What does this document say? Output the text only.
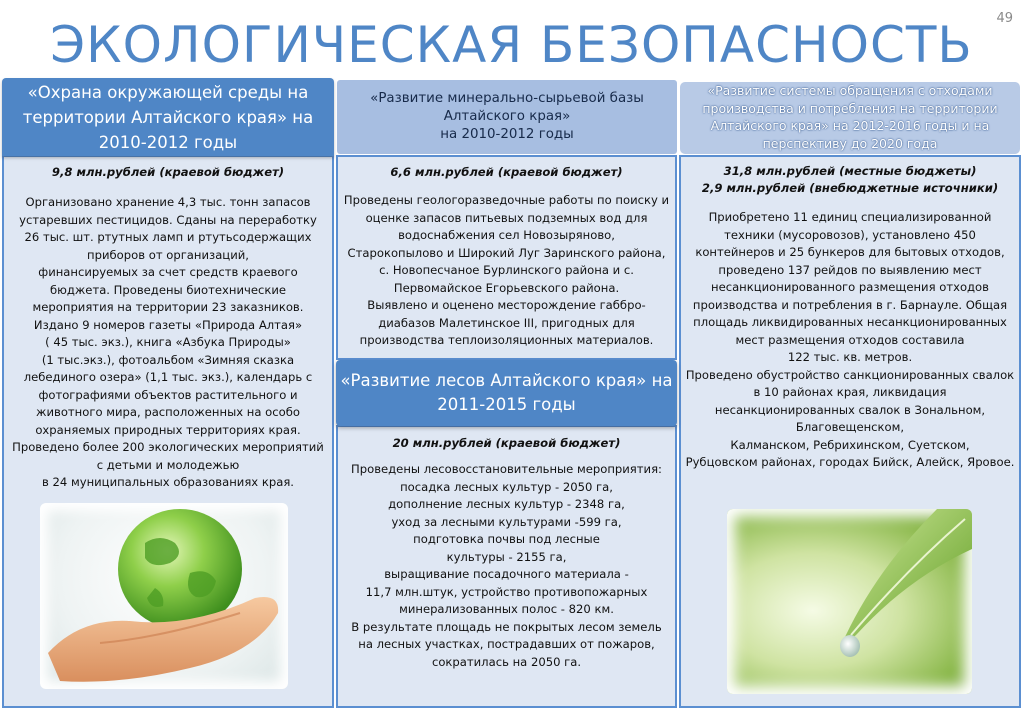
49
ЭКОЛОГИЧЕСКАЯ БЕЗОПАСНОСТЬ
9,8 млн.рублей (краевой бюджет)
Организовано хранение 4,3 тыс. тонн запасов
устаревших пестицидов. Сданы на переработку
26 тыс. шт. ртутных ламп и ртутьсодержащих
приборов от организаций,
финансируемых за счет средств краевого
бюджета. Проведены биотехнические
мероприятия на территории 23 заказников.
Издано 9 номеров газеты «Природа Алтая»
( 45 тыс. экз.), книга «Азбука Природы»
(1 тыс.экз.), фотоальбом «Зимняя сказка
лебединого озера» (1,1 тыс. экз.), календарь с
фотографиями объектов растительного и
животного мира, расположенных на особо
охраняемых природных территориях края.
Проведено более 200 экологических мероприятий
с детьми и молодежью
в 24 муниципальных образованиях края.
6,6 млн.рублей (краевой бюджет)
Проведены геологоразведочные работы по поиску и
оценке запасов питьевых подземных вод для
водоснабжения сел Новозыряново,
Старокопылово и Широкий Луг Заринского района,
с. Новопесчаное Бурлинского района и с.
Первомайское Егорьевского района.
Выявлено и оценено месторождение габбро-
диабазов Малетинское III, пригодных для
производства теплоизоляционных материалов.
20 млн.рублей (краевой бюджет)
Проведены лесовосстановительные мероприятия:
посадка лесных культур - 2050 га,
дополнение лесных культур - 2348 га,
уход за лесными культурами -599 га,
подготовка почвы под лесные
культуры - 2155 га,
выращивание посадочного материала -
11,7 млн.штук, устройство противопожарных
минерализованных полос - 820 км.
В результате площадь не покрытых лесом земель
на лесных участках, пострадавших от пожаров,
сократилась на 2050 га.
31,8 млн.рублей (местные бюджеты)
2,9 млн.рублей (внебюджетные источники)
Приобретено 11 единиц специализированной
техники (мусоровозов), установлено 450
контейнеров и 25 бункеров для бытовых отходов,
проведено 137 рейдов по выявлению мест
несанкционированного размещения отходов
производства и потребления в г. Барнауле. Общая
площадь ликвидированных несанкционированных
мест размещения отходов составила
122 тыс. кв. метров.
Проведено обустройство санкционированных свалок
в 10 районах края, ликвидация
несанкционированных свалок в Зональном,
Благовещенском,
Калманском, Ребрихинском, Суетском,
Рубцовском районах, городах Бийск, Алейск, Яровое.
«Охрана окружающей среды на территории Алтайского края» на 2010-2012 годы
«Развитие минерально-сырьевой базы
Алтайского края»
на 2010-2012 годы
«Развитие системы обращения с отходами производства и потребления на территории Алтайского края» на 2012-2016 годы и на перспективу до 2020 года
«Развитие лесов Алтайского края» на 2011-2015 годы
